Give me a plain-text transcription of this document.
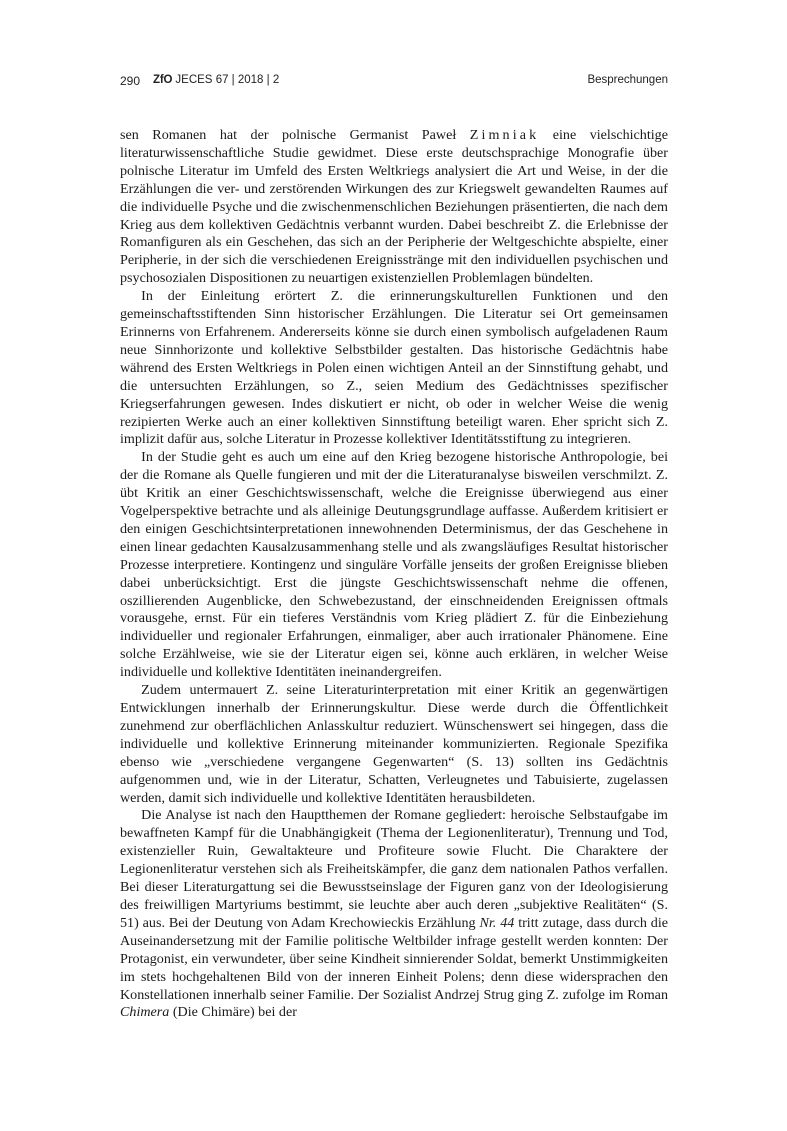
290 ZfO JECES 67 | 2018 | 2	Besprechungen

sen Romanen hat der polnische Germanist Paweł Zimniak eine vielschichtige literaturwissenschaftliche Studie gewidmet. Diese erste deutschsprachige Monografie über polnische Literatur im Umfeld des Ersten Weltkriegs analysiert die Art und Weise, in der die Erzählungen die ver- und zerstörenden Wirkungen des zur Kriegswelt gewandelten Raumes auf die individuelle Psyche und die zwischenmenschlichen Beziehungen präsentierten, die nach dem Krieg aus dem kollektiven Gedächtnis verbannt wurden. Dabei beschreibt Z. die Erlebnisse der Romanfiguren als ein Geschehen, das sich an der Peripherie der Weltgeschichte abspielte, einer Peripherie, in der sich die verschiedenen Ereignisstränge mit den individuellen psychischen und psychosozialen Dispositionen zu neuartigen existenziellen Problemlagen bündelten.

In der Einleitung erörtert Z. die erinnerungskulturellen Funktionen und den gemeinschaftsstiftenden Sinn historischer Erzählungen. Die Literatur sei Ort gemeinsamen Erinnerns von Erfahrenem. Andererseits könne sie durch einen symbolisch aufgeladenen Raum neue Sinnhorizonte und kollektive Selbstbilder gestalten. Das historische Gedächtnis habe während des Ersten Weltkriegs in Polen einen wichtigen Anteil an der Sinnstiftung gehabt, und die untersuchten Erzählungen, so Z., seien Medium des Gedächtnisses spezifischer Kriegserfahrungen gewesen. Indes diskutiert er nicht, ob oder in welcher Weise die wenig rezipierten Werke auch an einer kollektiven Sinnstiftung beteiligt waren. Eher spricht sich Z. implizit dafür aus, solche Literatur in Prozesse kollektiver Identitätsstiftung zu integrieren.

In der Studie geht es auch um eine auf den Krieg bezogene historische Anthropologie, bei der die Romane als Quelle fungieren und mit der die Literaturanalyse bisweilen verschmilzt. Z. übt Kritik an einer Geschichtswissenschaft, welche die Ereignisse überwiegend aus einer Vogelperspektive betrachte und als alleinige Deutungsgrundlage auffasse. Außerdem kritisiert er den einigen Geschichtsinterpretationen innewohnenden Determinismus, der das Geschehene in einen linear gedachten Kausalzusammenhang stelle und als zwangsläufiges Resultat historischer Prozesse interpretiere. Kontingenz und singuläre Vorfälle jenseits der großen Ereignisse blieben dabei unberücksichtigt. Erst die jüngste Geschichtswissenschaft nehme die offenen, oszillierenden Augenblicke, den Schwebezustand, der einschneidenden Ereignissen oftmals vorausgehe, ernst. Für ein tieferes Verständnis vom Krieg plädiert Z. für die Einbeziehung individueller und regionaler Erfahrungen, einmaliger, aber auch irrationaler Phänomene. Eine solche Erzählweise, wie sie der Literatur eigen sei, könne auch erklären, in welcher Weise individuelle und kollektive Identitäten ineinandergreifen.

Zudem untermauert Z. seine Literaturinterpretation mit einer Kritik an gegenwärtigen Entwicklungen innerhalb der Erinnerungskultur. Diese werde durch die Öffentlichkeit zunehmend zur oberflächlichen Anlasskultur reduziert. Wünschenswert sei hingegen, dass die individuelle und kollektive Erinnerung miteinander kommunizierten. Regionale Spezifika ebenso wie „verschiedene vergangene Gegenwarten“ (S. 13) sollten ins Gedächtnis aufgenommen und, wie in der Literatur, Schatten, Verleugnetes und Tabuisierte, zugelassen werden, damit sich individuelle und kollektive Identitäten herausbildeten.

Die Analyse ist nach den Hauptthemen der Romane gegliedert: heroische Selbstaufgabe im bewaffneten Kampf für die Unabhängigkeit (Thema der Legionenliteratur), Trennung und Tod, existenzieller Ruin, Gewaltakteure und Profiteure sowie Flucht. Die Charaktere der Legionenliteratur verstehen sich als Freiheitskämpfer, die ganz dem nationalen Pathos verfallen. Bei dieser Literaturgattung sei die Bewusstseinslage der Figuren ganz von der Ideologisierung des freiwilligen Martyriums bestimmt, sie leuchte aber auch deren „subjektive Realitäten“ (S. 51) aus. Bei der Deutung von Adam Krechowieckis Erzählung Nr. 44 tritt zutage, dass durch die Auseinandersetzung mit der Familie politische Weltbilder infrage gestellt werden konnten: Der Protagonist, ein verwundeter, über seine Kindheit sinnierender Soldat, bemerkt Unstimmigkeiten im stets hochgehaltenen Bild von der inneren Einheit Polens; denn diese widersprachen den Konstellationen innerhalb seiner Familie. Der Sozialist Andrzej Strug ging Z. zufolge im Roman Chimera (Die Chimäre) bei der
